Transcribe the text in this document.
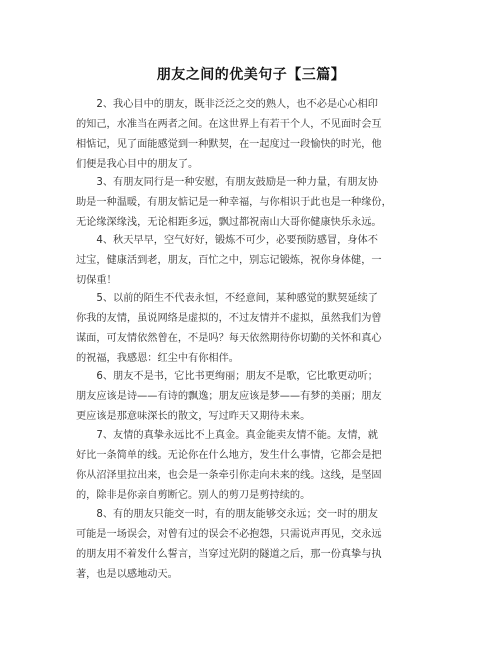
朋友之间的优美句子【三篇】
　　2、我心目中的朋友，既非泛泛之交的熟人，也不必是心心相印
的知己，水准当在两者之间。在这世界上有若干个人，不见面时会互
相惦记，见了面能感觉到一种默契，在一起度过一段愉快的时光，他
们便是我心目中的朋友了。
　　3、有朋友同行是一种安慰，有朋友鼓励是一种力量，有朋友协
助是一种温暖，有朋友惦记是一种幸福，与你相识于此也是一种缘份，
无论缘深缘浅，无论相距多远，飘过都祝南山大哥你健康快乐永远。
　　4、秋天早早，空气好好，锻炼不可少，必要预防感冒，身体不
过宝，健康活到老，朋友，百忙之中，别忘记锻炼，祝你身体健，一
切保重！
　　5、以前的陌生不代表永恒，不经意间，某种感觉的默契延续了
你我的友情，虽说网络是虚拟的，不过友情并不虚拟，虽然我们为曾
谋面，可友情依然曾在，不是吗？每天依然期待你切勤的关怀和真心
的祝福，我感恩：红尘中有你相伴。
　　6、朋友不是书，它比书更绚丽；朋友不是歌，它比歌更动听；
朋友应该是诗——有诗的飘逸；朋友应该是梦——有梦的美丽；朋友
更应该是那意味深长的散文，写过昨天又期待未来。
　　7、友情的真挚永远比不上真金。真金能卖友情不能。友情，就
好比一条简单的线。无论你在什么地方，发生什么事情，它都会是把
你从沼泽里拉出来，也会是一条牵引你走向未来的线。这线，是坚固
的，除非是你亲自剪断它。别人的剪刀是剪持续的。
　　8、有的朋友只能交一时，有的朋友能够交永远；交一时的朋友
可能是一场误会，对曾有过的误会不必抱怨，只需说声再见，交永远
的朋友用不着发什么誓言，当穿过光阴的隧道之后，那一份真挚与执
著，也是以感地动天。
